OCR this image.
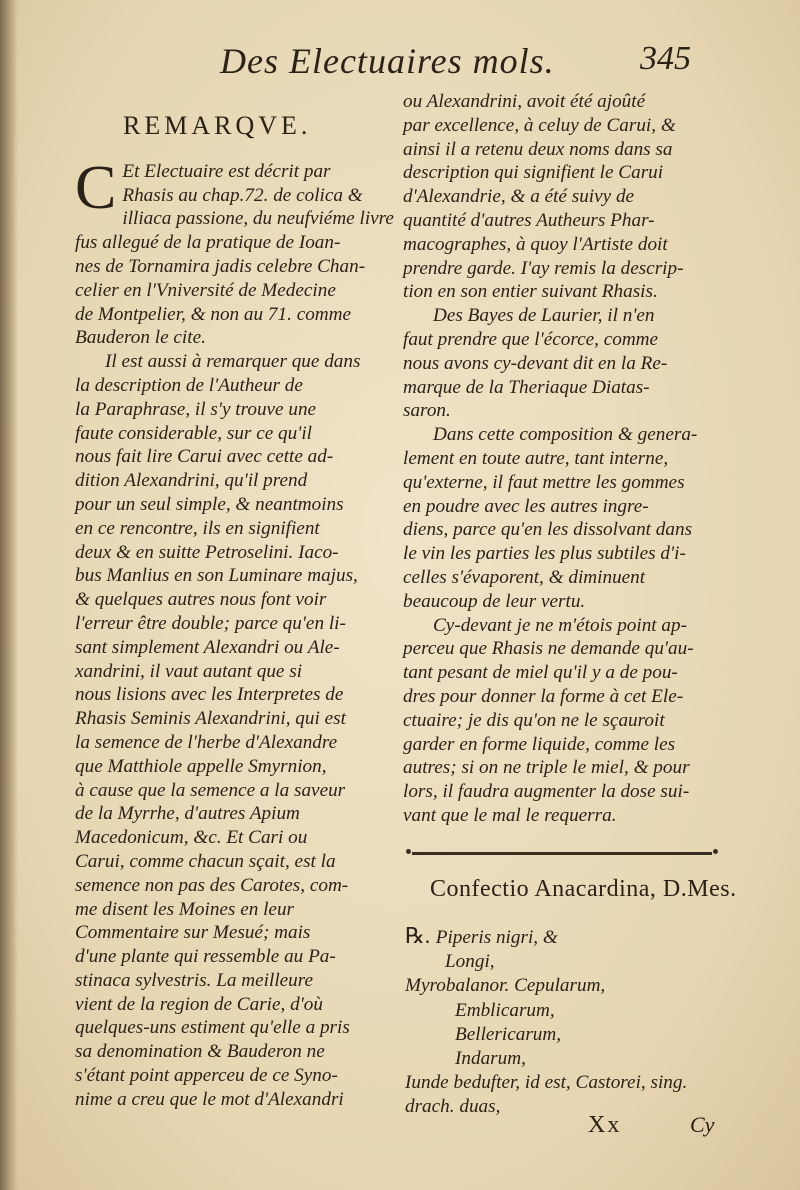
Des Electuaires mols.	345
REMARQVE.

C Et Electuaire est décrit par
Rhasis au chap.72. de colica &
illiaca passione, du neufviéme livre
fus allegué de la pratique de Ioan-
nes de Tornamira jadis celebre Chan-
celier en l'Vniversité de Medecine
de Montpelier, & non au 71. comme
Bauderon le cite.

Il est aussi à remarquer que dans
la description de l'Autheur de
la Paraphrase, il s'y trouve une
faute considerable, sur ce qu'il
nous fait lire Carui avec cette ad-
dition Alexandrini, qu'il prend
pour un seul simple, & neantmoins
en ce rencontre, ils en signifient
deux & en suitte Petroselini. Iaco-
bus Manlius en son Luminare majus,
& quelques autres nous font voir
l'erreur être double; parce qu'en li-
sant simplement Alexandri ou Ale-
xandrini, il vaut autant que si
nous lisions avec les Interpretes de
Rhasis Seminis Alexandrini, qui est
la semence de l'herbe d'Alexandre
que Matthiole appelle Smyrnion,
à cause que la semence a la saveur
de la Myrrhe, d'autres Apium
Macedonicum, &c. Et Cari ou
Carui, comme chacun sçait, est la
semence non pas des Carotes, com-
me disent les Moines en leur
Commentaire sur Mesué; mais
d'une plante qui ressemble au Pa-
stinaca sylvestris. La meilleure
vient de la region de Carie, d'où
quelques-uns estiment qu'elle a pris
sa denomination & Bauderon ne
s'étant point apperceu de ce Syno-
nime a creu que le mot d'Alexandri

ou Alexandrini, avoit été ajoûté
par excellence, à celuy de Carui, &
ainsi il a retenu deux noms dans sa
description qui signifient le Carui
d'Alexandrie, & a été suivy de
quantité d'autres Autheurs Phar-
macographes, à quoy l'Artiste doit
prendre garde. I'ay remis la descrip-
tion en son entier suivant Rhasis.

Des Bayes de Laurier, il n'en
faut prendre que l'écorce, comme
nous avons cy-devant dit en la Re-
marque de la Theriaque Diatas-
saron.

Dans cette composition & genera-
lement en toute autre, tant interne,
qu'externe, il faut mettre les gommes
en poudre avec les autres ingre-
diens, parce qu'en les dissolvant dans
le vin les parties les plus subtiles d'i-
celles s'évaporent, & diminuent
beaucoup de leur vertu.

Cy-devant je ne m'étois point ap-
perceu que Rhasis ne demande qu'au-
tant pesant de miel qu'il y a de pou-
dres pour donner la forme à cet Ele-
ctuaire; je dis qu'on ne le sçauroit
garder en forme liquide, comme les
autres; si on ne triple le miel, & pour
lors, il faudra augmenter la dose sui-
vant que le mal le requerra.

Confectio Anacardina, D.Mes.
℞. Piperis nigri, &
Longi,
Myrobalanor. Cepularum,
Emblicarum,
Bellericarum,
Indarum,
Iunde bedufter, id est, Castorei, sing.
drach. duas,
Xx	Cy
